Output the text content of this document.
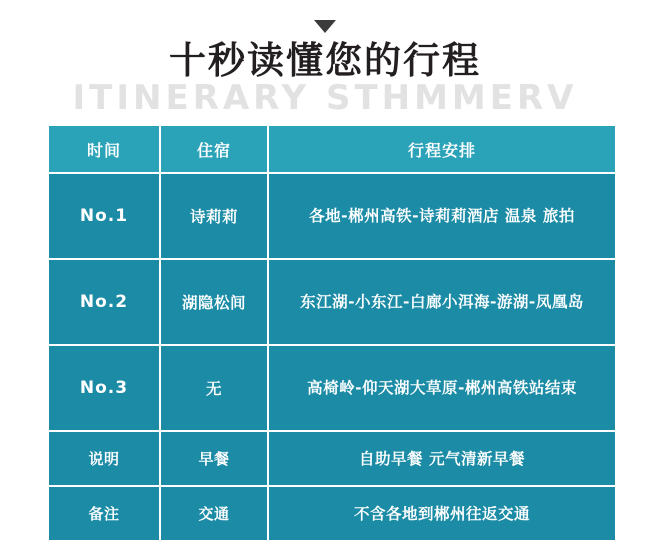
ITINERARY STHMMERV
十秒读懂您的行程
时间	住宿	行程安排
No.1	诗莉莉	各地-郴州高铁-诗莉莉酒店 温泉 旅拍
No.2	湖隐松间	东江湖-小东江-白廊小洱海-游湖-凤凰岛
No.3	无	高椅岭-仰天湖大草原-郴州高铁站结束
说明	早餐	自助早餐 元气清新早餐
备注	交通	不含各地到郴州往返交通
